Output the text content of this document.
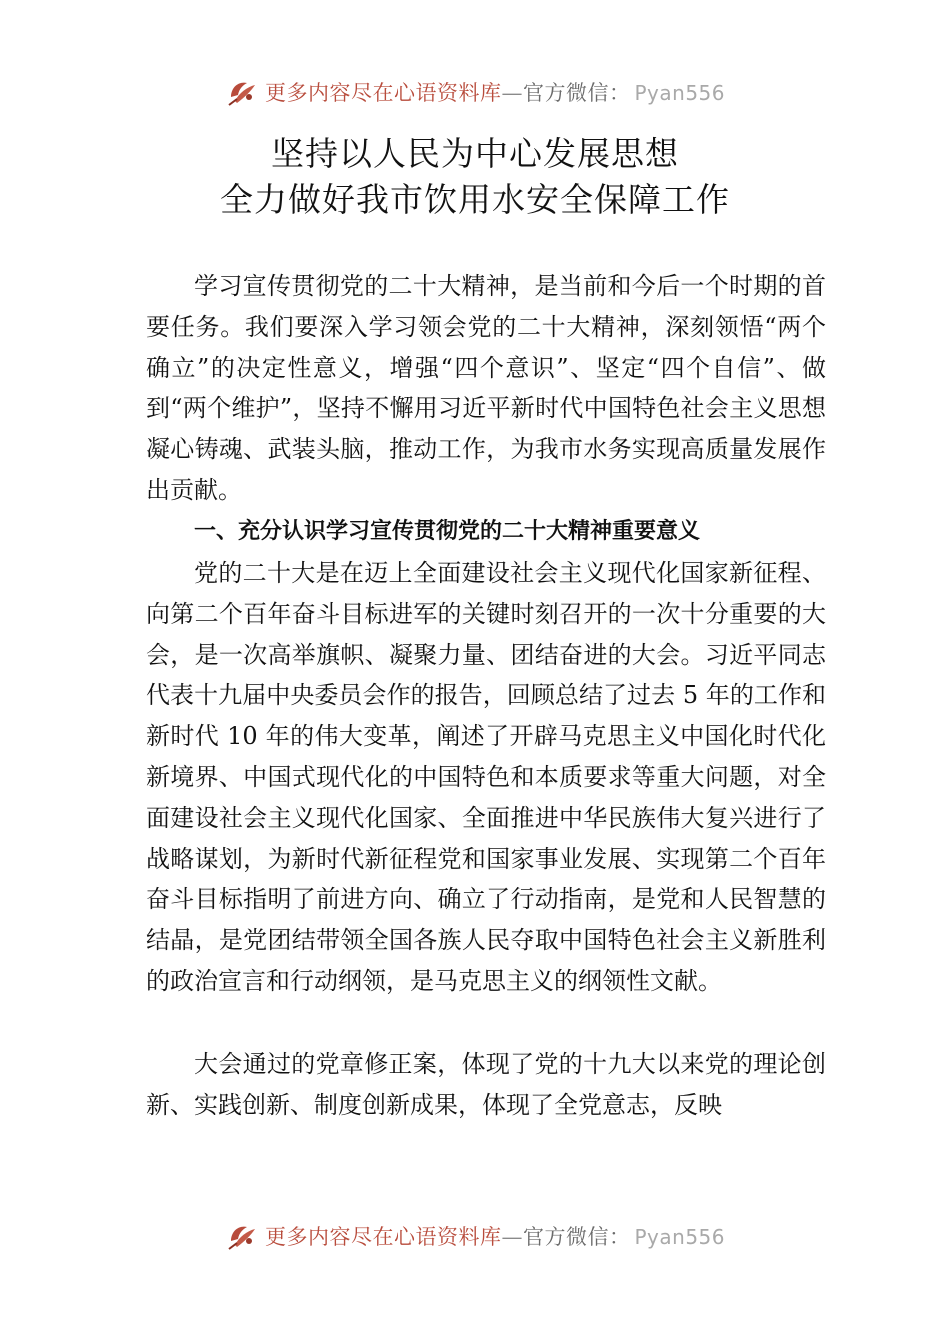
更多内容尽在心语资料库—官方微信： Pyan556
坚持以人民为中心发展思想
全力做好我市饮用水安全保障工作

学习宣传贯彻党的二十大精神，是当前和今后一个时期的首要任务。我们要深入学习领会党的二十大精神，深刻领悟“两个确立”的决定性意义，增强“四个意识”、坚定“四个自信”、做到“两个维护”，坚持不懈用习近平新时代中国特色社会主义思想凝心铸魂、武装头脑，推动工作，为我市水务实现高质量发展作出贡献。

一、充分认识学习宣传贯彻党的二十大精神重要意义

党的二十大是在迈上全面建设社会主义现代化国家新征程、向第二个百年奋斗目标进军的关键时刻召开的一次十分重要的大会，是一次高举旗帜、凝聚力量、团结奋进的大会。习近平同志代表十九届中央委员会作的报告，回顾总结了过去 5 年的工作和新时代 10 年的伟大变革，阐述了开辟马克思主义中国化时代化新境界、中国式现代化的中国特色和本质要求等重大问题，对全面建设社会主义现代化国家、全面推进中华民族伟大复兴进行了战略谋划，为新时代新征程党和国家事业发展、实现第二个百年奋斗目标指明了前进方向、确立了行动指南，是党和人民智慧的结晶，是党团结带领全国各族人民夺取中国特色社会主义新胜利的政治宣言和行动纲领，是马克思主义的纲领性文献。

大会通过的党章修正案，体现了党的十九大以来党的理论创新、实践创新、制度创新成果，体现了全党意志，反映

更多内容尽在心语资料库—官方微信： Pyan556
